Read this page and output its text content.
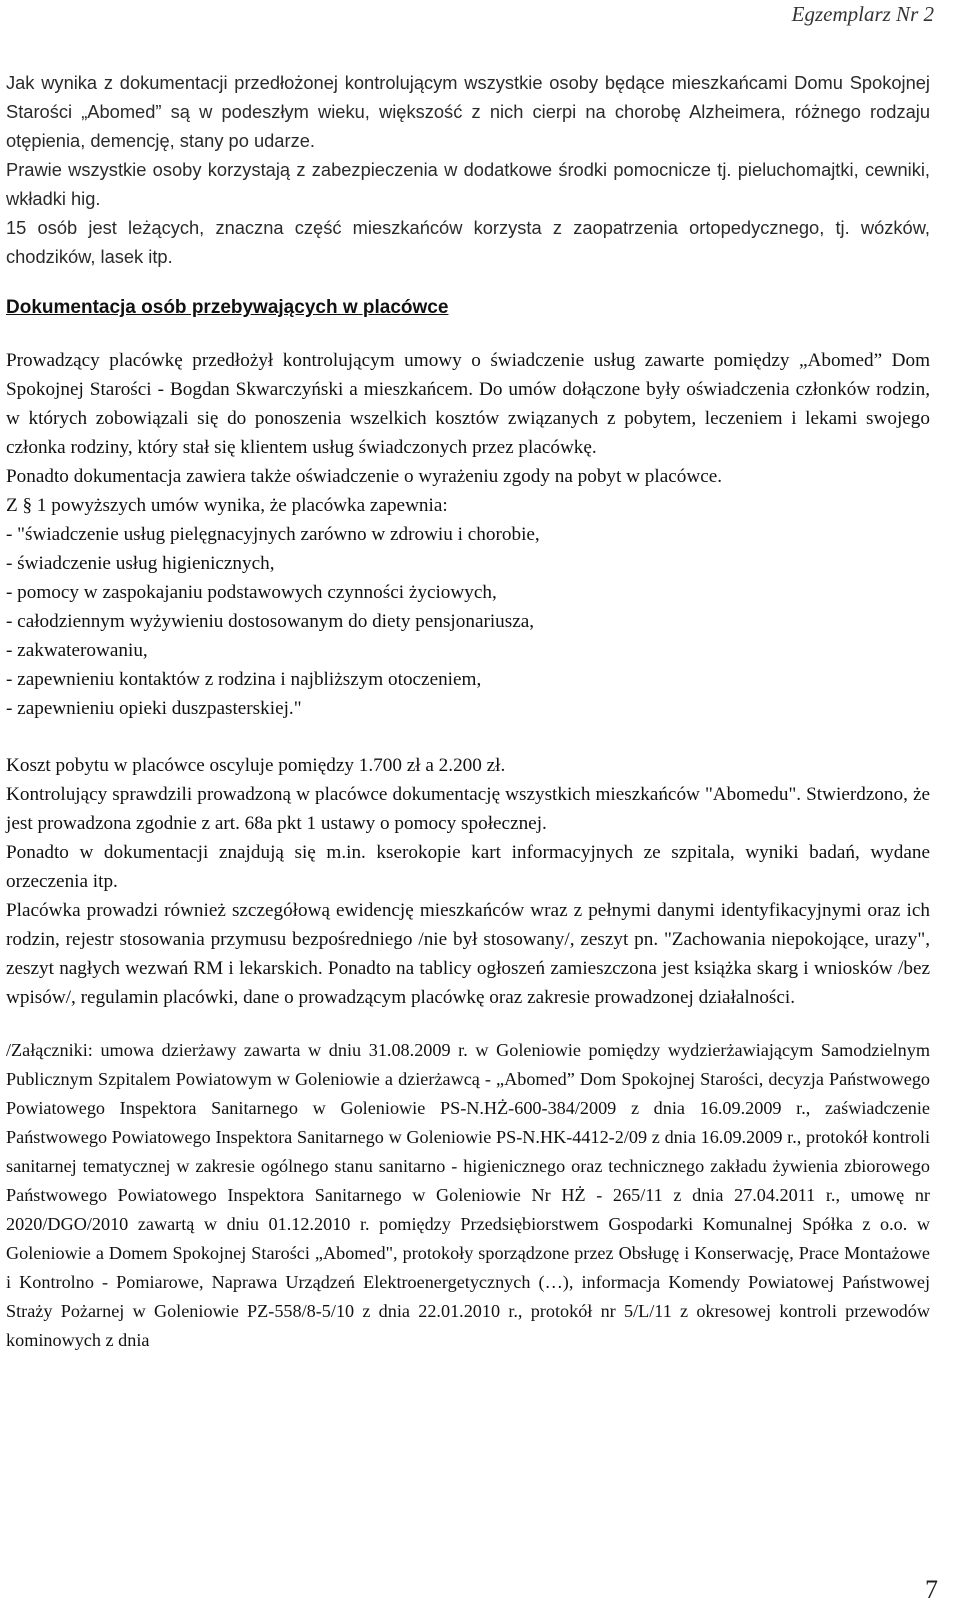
Egzemplarz Nr 2

Jak wynika z dokumentacji przedłożonej kontrolującym wszystkie osoby będące mieszkańcami Domu Spokojnej Starości „Abomed” są w podeszłym wieku, większość z nich cierpi na chorobę Alzheimera, różnego rodzaju otępienia, demencję, stany po udarze.

Prawie wszystkie osoby korzystają z zabezpieczenia w dodatkowe środki pomocnicze tj. pieluchomajtki, cewniki, wkładki hig.

15 osób jest leżących, znaczna część mieszkańców korzysta z zaopatrzenia ortopedycznego, tj. wózków, chodzików, lasek itp.

Dokumentacja osób przebywających w placówce

Prowadzący placówkę przedłożył kontrolującym umowy o świadczenie usług zawarte pomiędzy „Abomed” Dom Spokojnej Starości - Bogdan Skwarczyński a mieszkańcem. Do umów dołączone były oświadczenia członków rodzin, w których zobowiązali się do ponoszenia wszelkich kosztów związanych z pobytem, leczeniem i lekami swojego członka rodziny, który stał się klientem usług świadczonych przez placówkę.

Ponadto dokumentacja zawiera także oświadczenie o wyrażeniu zgody na pobyt w placówce.

Z § 1 powyższych umów wynika, że placówka zapewnia:

- "świadczenie usług pielęgnacyjnych zarówno w zdrowiu i chorobie,
- świadczenie usług higienicznych,
- pomocy w zaspokajaniu podstawowych czynności życiowych,
- całodziennym wyżywieniu dostosowanym do diety pensjonariusza,
- zakwaterowaniu,
- zapewnieniu kontaktów z rodzina i najbliższym otoczeniem,
- zapewnieniu opieki duszpasterskiej."

Koszt pobytu w placówce oscyluje pomiędzy 1.700 zł a 2.200 zł.

Kontrolujący sprawdzili prowadzoną w placówce dokumentację wszystkich mieszkańców "Abomedu". Stwierdzono, że jest prowadzona zgodnie z art. 68a pkt 1 ustawy o pomocy społecznej.

Ponadto w dokumentacji znajdują się m.in. kserokopie kart informacyjnych ze szpitala, wyniki badań, wydane orzeczenia itp.

Placówka prowadzi również szczegółową ewidencję mieszkańców wraz z pełnymi danymi identyfikacyjnymi oraz ich rodzin, rejestr stosowania przymusu bezpośredniego /nie był stosowany/, zeszyt pn. "Zachowania niepokojące, urazy", zeszyt nagłych wezwań RM i lekarskich. Ponadto na tablicy ogłoszeń zamieszczona jest książka skarg i wniosków /bez wpisów/, regulamin placówki, dane o prowadzącym placówkę oraz zakresie prowadzonej działalności.

/Załączniki: umowa dzierżawy zawarta w dniu 31.08.2009 r. w Goleniowie pomiędzy wydzierżawiającym Samodzielnym Publicznym Szpitalem Powiatowym w Goleniowie a dzierżawcą - „Abomed” Dom Spokojnej Starości, decyzja Państwowego Powiatowego Inspektora Sanitarnego w Goleniowie PS-N.HŻ-600-384/2009 z dnia 16.09.2009 r., zaświadczenie Państwowego Powiatowego Inspektora Sanitarnego w Goleniowie PS-N.HK-4412-2/09 z dnia 16.09.2009 r., protokół kontroli sanitarnej tematycznej w zakresie ogólnego stanu sanitarno - higienicznego oraz technicznego zakładu żywienia zbiorowego Państwowego Powiatowego Inspektora Sanitarnego w Goleniowie Nr HŻ - 265/11 z dnia 27.04.2011 r., umowę nr 2020/DGO/2010 zawartą w dniu 01.12.2010 r. pomiędzy Przedsiębiorstwem Gospodarki Komunalnej Spółka z o.o. w Goleniowie a Domem Spokojnej Starości „Abomed", protokoły sporządzone przez Obsługę i Konserwację, Prace Montażowe i Kontrolno - Pomiarowe, Naprawa Urządzeń Elektroenergetycznych (…), informacja Komendy Powiatowej Państwowej Straży Pożarnej w Goleniowie PZ-558/8-5/10 z dnia 22.01.2010 r., protokół nr 5/L/11 z okresowej kontroli przewodów kominowych z dnia

7
